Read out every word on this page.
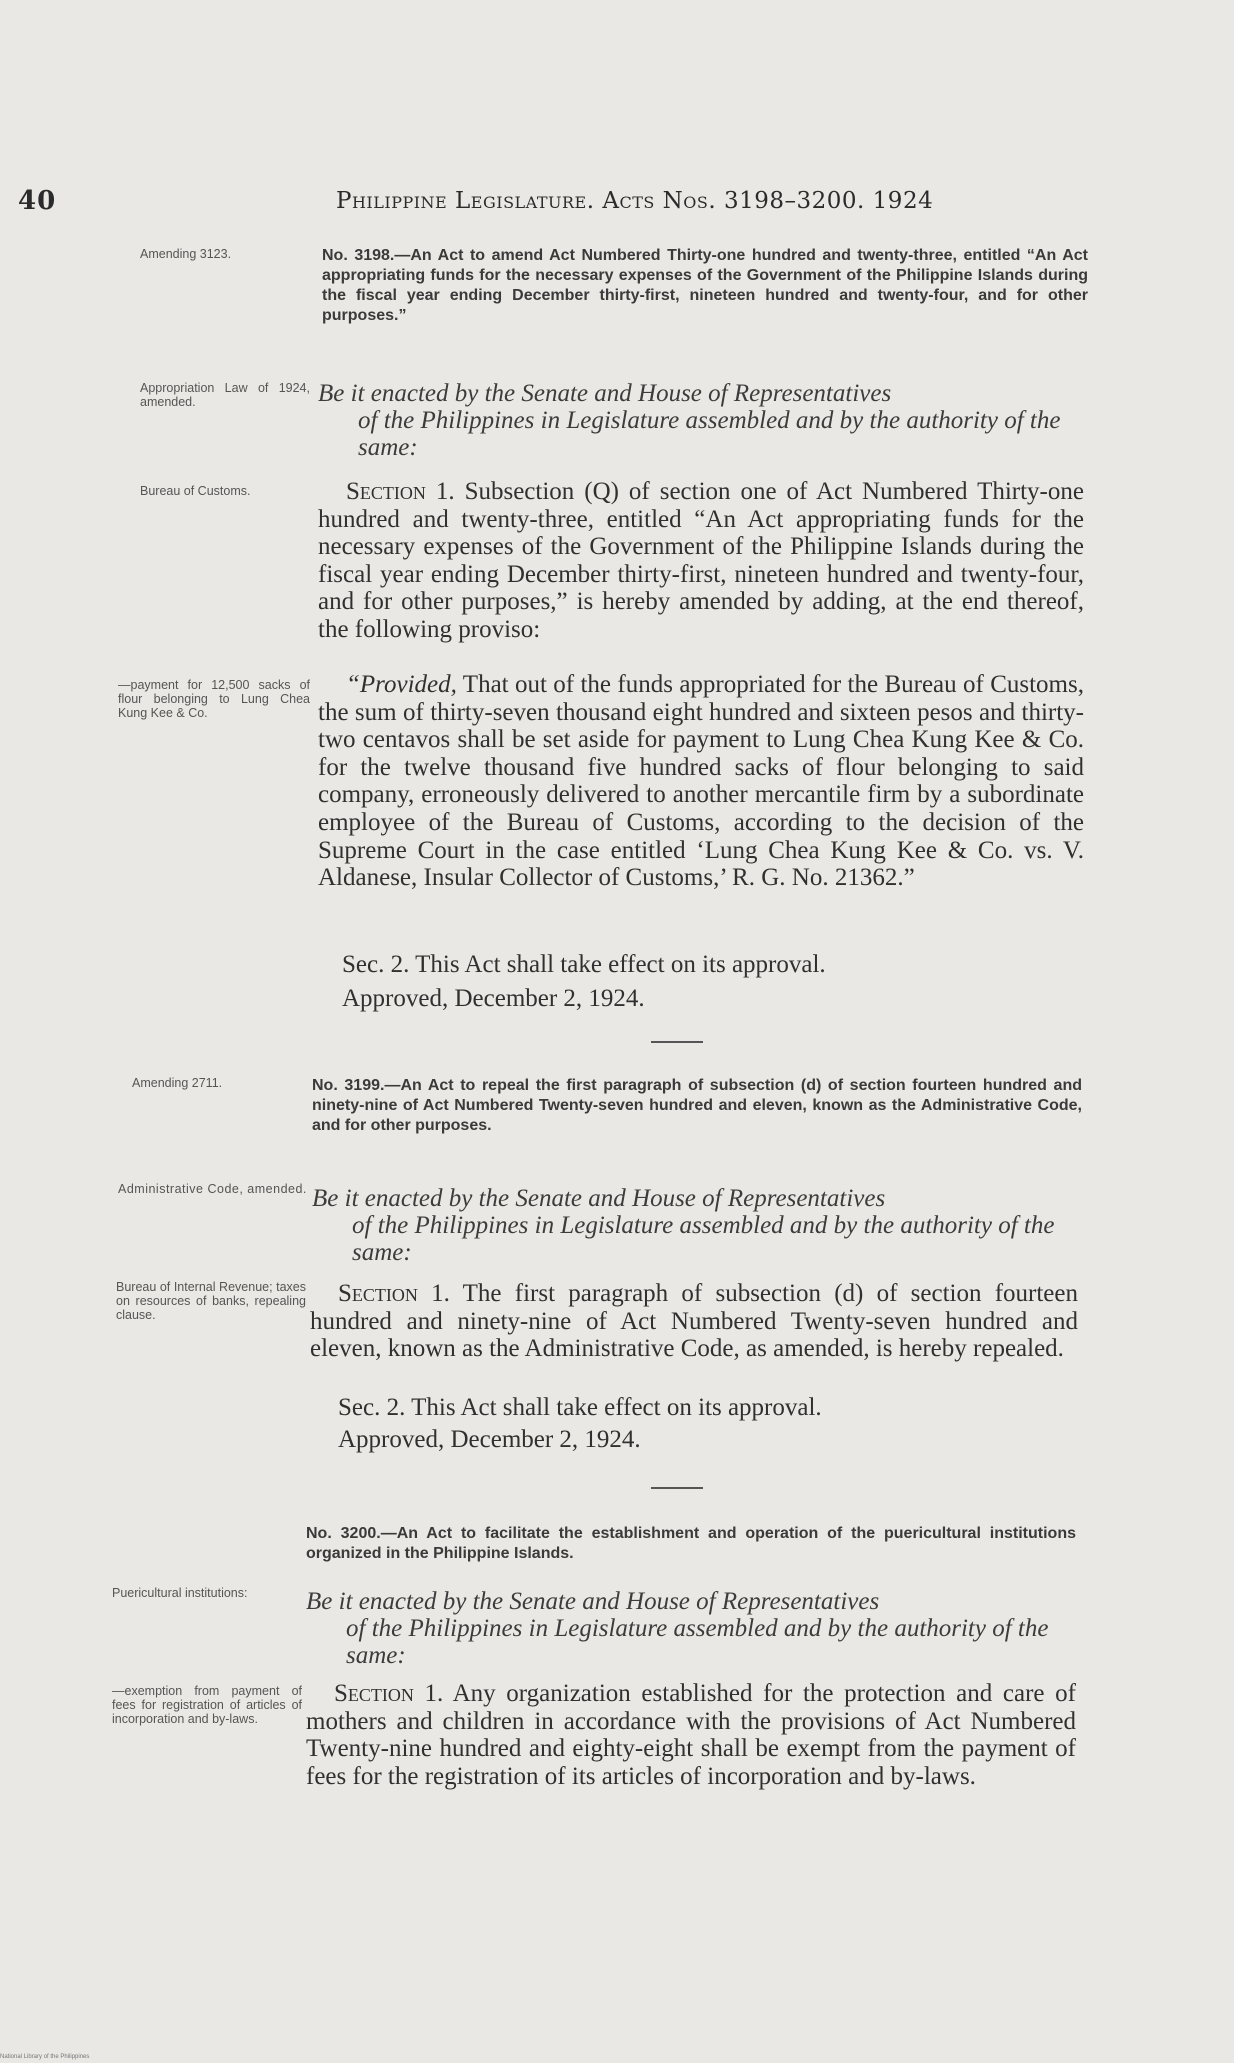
40	Philippine Legislature. Acts Nos. 3198–3200. 1924
Amending 3123.	No. 3198.—An Act to amend Act Numbered Thirty-one hundred and twenty-three, entitled “An Act appropriating funds for the necessary expenses of the Government of the Philippine Islands during the fiscal year ending December thirty-first, nineteen hundred and twenty-four, and for other purposes.”
Appropriation Law of 1924, amended.	Be it enacted by the Senate and House of Representatives
of the Philippines in Legislature assembled and by the authority of the same:
Bureau of Customs.	Section 1. Subsection (Q) of section one of Act Numbered Thirty-one hundred and twenty-three, entitled “An Act appropriating funds for the necessary expenses of the Government of the Philippine Islands during the fiscal year ending December thirty-first, nineteen hundred and twenty-four, and for other purposes,” is hereby amended by adding, at the end thereof, the following proviso:

—payment for 12,500 sacks of flour belonging to Lung Chea Kung Kee & Co.

“Provided, That out of the funds appropriated for the Bureau of Customs, the sum of thirty-seven thousand eight hundred and sixteen pesos and thirty-two centavos shall be set aside for payment to Lung Chea Kung Kee & Co. for the twelve thousand five hundred sacks of flour belonging to said company, erroneously delivered to another mercantile firm by a subordinate employee of the Bureau of Customs, according to the decision of the Supreme Court in the case entitled ‘Lung Chea Kung Kee & Co. vs. V. Aldanese, Insular Collector of Customs,’ R. G. No. 21362.”

Sec. 2. This Act shall take effect on its approval.
Approved, December 2, 1924.
Amending 2711.	No. 3199.—An Act to repeal the first paragraph of subsection (d) of section fourteen hundred and ninety-nine of Act Numbered Twenty-seven hundred and eleven, known as the Administrative Code, and for other purposes.
Administrative Code, amended. Be it enacted by the Senate and House of Representatives
of the Philippines in Legislature assembled and by the authority of the same:
Bureau of Internal Revenue; taxes on resources of banks, repealing clause.

Section 1. The first paragraph of subsection (d) of section fourteen hundred and ninety-nine of Act Numbered Twenty-seven hundred and eleven, known as the Administrative Code, as amended, is hereby repealed.

Sec. 2. This Act shall take effect on its approval.
Approved, December 2, 1924.
No. 3200.—An Act to facilitate the establishment and operation of the puericultural institutions organized in the Philippine Islands.
Puericultural institutions:	Be it enacted by the Senate and House of Representatives
of the Philippines in Legislature assembled and by the authority of the same:
—exemption from payment of fees for registration of articles of incorporation and by-laws.

Section 1. Any organization established for the protection and care of mothers and children in accordance with the provisions of Act Numbered Twenty-nine hundred and eighty-eight shall be exempt from the payment of fees for the registration of its articles of incorporation and by-laws.

National Library of the Philippines
